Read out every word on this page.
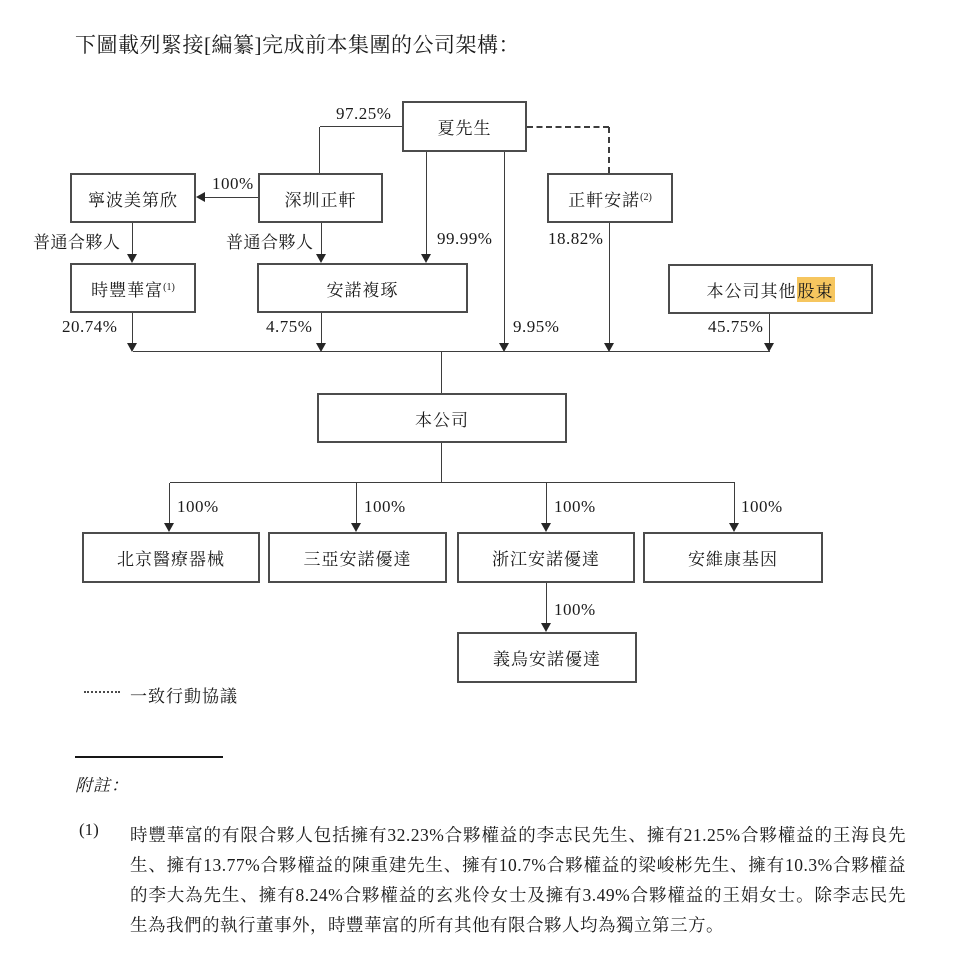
下圖載列緊接[編纂]完成前本集團的公司架構：
夏先生
寧波美第欣	深圳正軒	正軒安諾 (2)
時豐華富 (1)	安諾複琢	本公司其他 股東
本公司
北京醫療器械	三亞安諾優達	浙江安諾優達	安維康基因
義烏安諾優達
97.25%
100%
普通合夥人	普通合夥人	99.99%	18.82%
20.74%	4.75%	9.95%	45.75%
100%	100%	100%	100%
100%
一致行動協議
附註：
(1) 時豐華富的有限合夥人包括擁有32.23%合夥權益的李志民先生、擁有21.25%合夥權益的王海良先生、擁有13.77%合夥權益的陳重建先生、擁有10.7%合夥權益的梁峻彬先生、擁有10.3%合夥權益的李大為先生、擁有8.24%合夥權益的玄兆伶女士及擁有3.49%合夥權益的王娟女士。除李志民先生為我們的執行董事外，時豐華富的所有其他有限合夥人均為獨立第三方。
